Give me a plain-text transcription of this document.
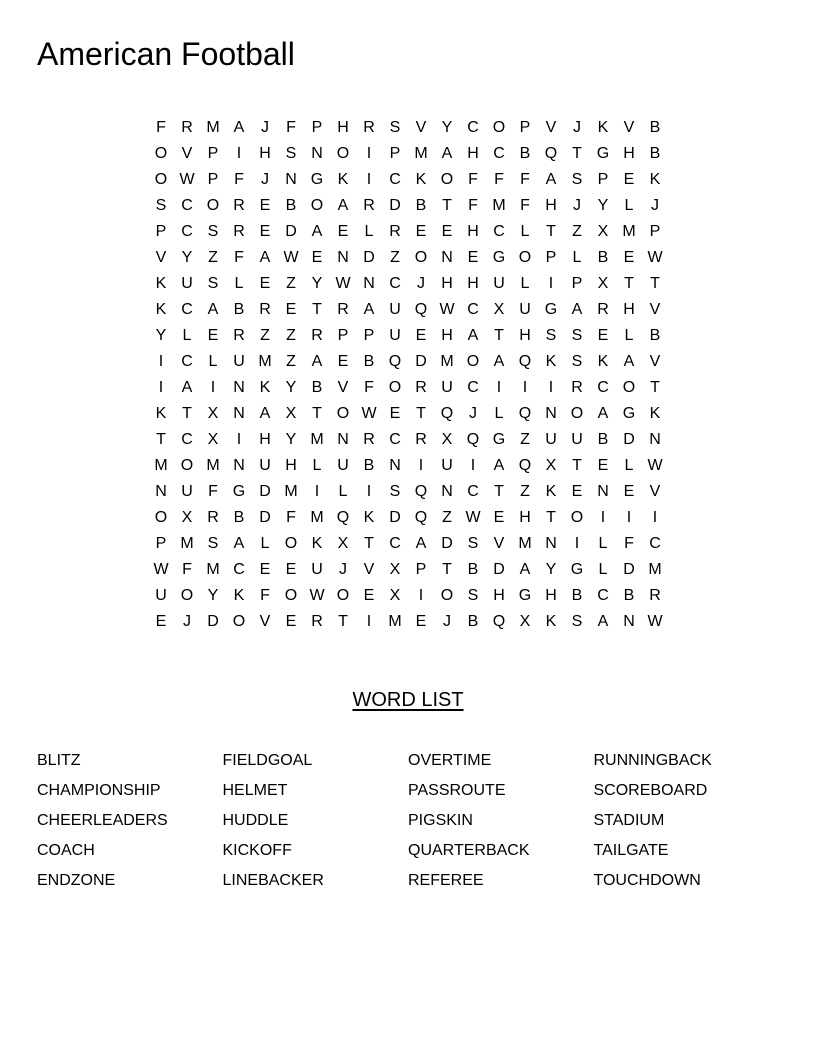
American Football
F R M A	J	F P H R S V Y C O P V	J	K V B
O V P	I	H S N O	I	P M A H C B Q T G H B
O W P F	J	N G K	I	C K O F	F	F A S P E K
S C O R E B O A R D B T	F M F H	J	Y	L	J
P C S R E D A E	L R E E H C L	T	Z X M P
V Y Z	F A W E N D Z O N E G O P	L	B E W
K U S	L	E Z Y W N C	J	H H U L	I	P X T	T
K C A B R E T R A U Q W C X U G A R H V
Y	L	E R Z	Z R P P U E H A T H S S E	L	B
I	C L U M Z A E B Q D M O A Q K S K A V
I	A	I	N K Y B V F O R U C	I	I	I	R C O T
K T X N A X T O W E T Q J	L Q N O A G K
T C X	I	H Y M N R C R X Q G Z U U B D N
M O M N U H L U B N	I	U	I	A Q X T E	L W
N U F G D M	I	L	I	S Q N C T	Z K E N E V
O X R B D F M Q K D Q Z W E H T O	I	I	I
P M S A	L O K X T C A D S V M N	I	L	F C
W F M C E E U	J	V X P T B D A Y G L D M
U O Y K F O W O E X	I	O S H G H B C B R
E	J	D O V E R T	I	M E	J	B Q X K S A N W
WORD LIST
BLITZ
CHAMPIONSHIP
CHEERLEADERS
COACH
ENDZONE
FIELDGOAL
HELMET
HUDDLE
KICKOFF
LINEBACKER
OVERTIME
PASSROUTE
PIGSKIN
QUARTERBACK
REFEREE
RUNNINGBACK
SCOREBOARD
STADIUM
TAILGATE
TOUCHDOWN
